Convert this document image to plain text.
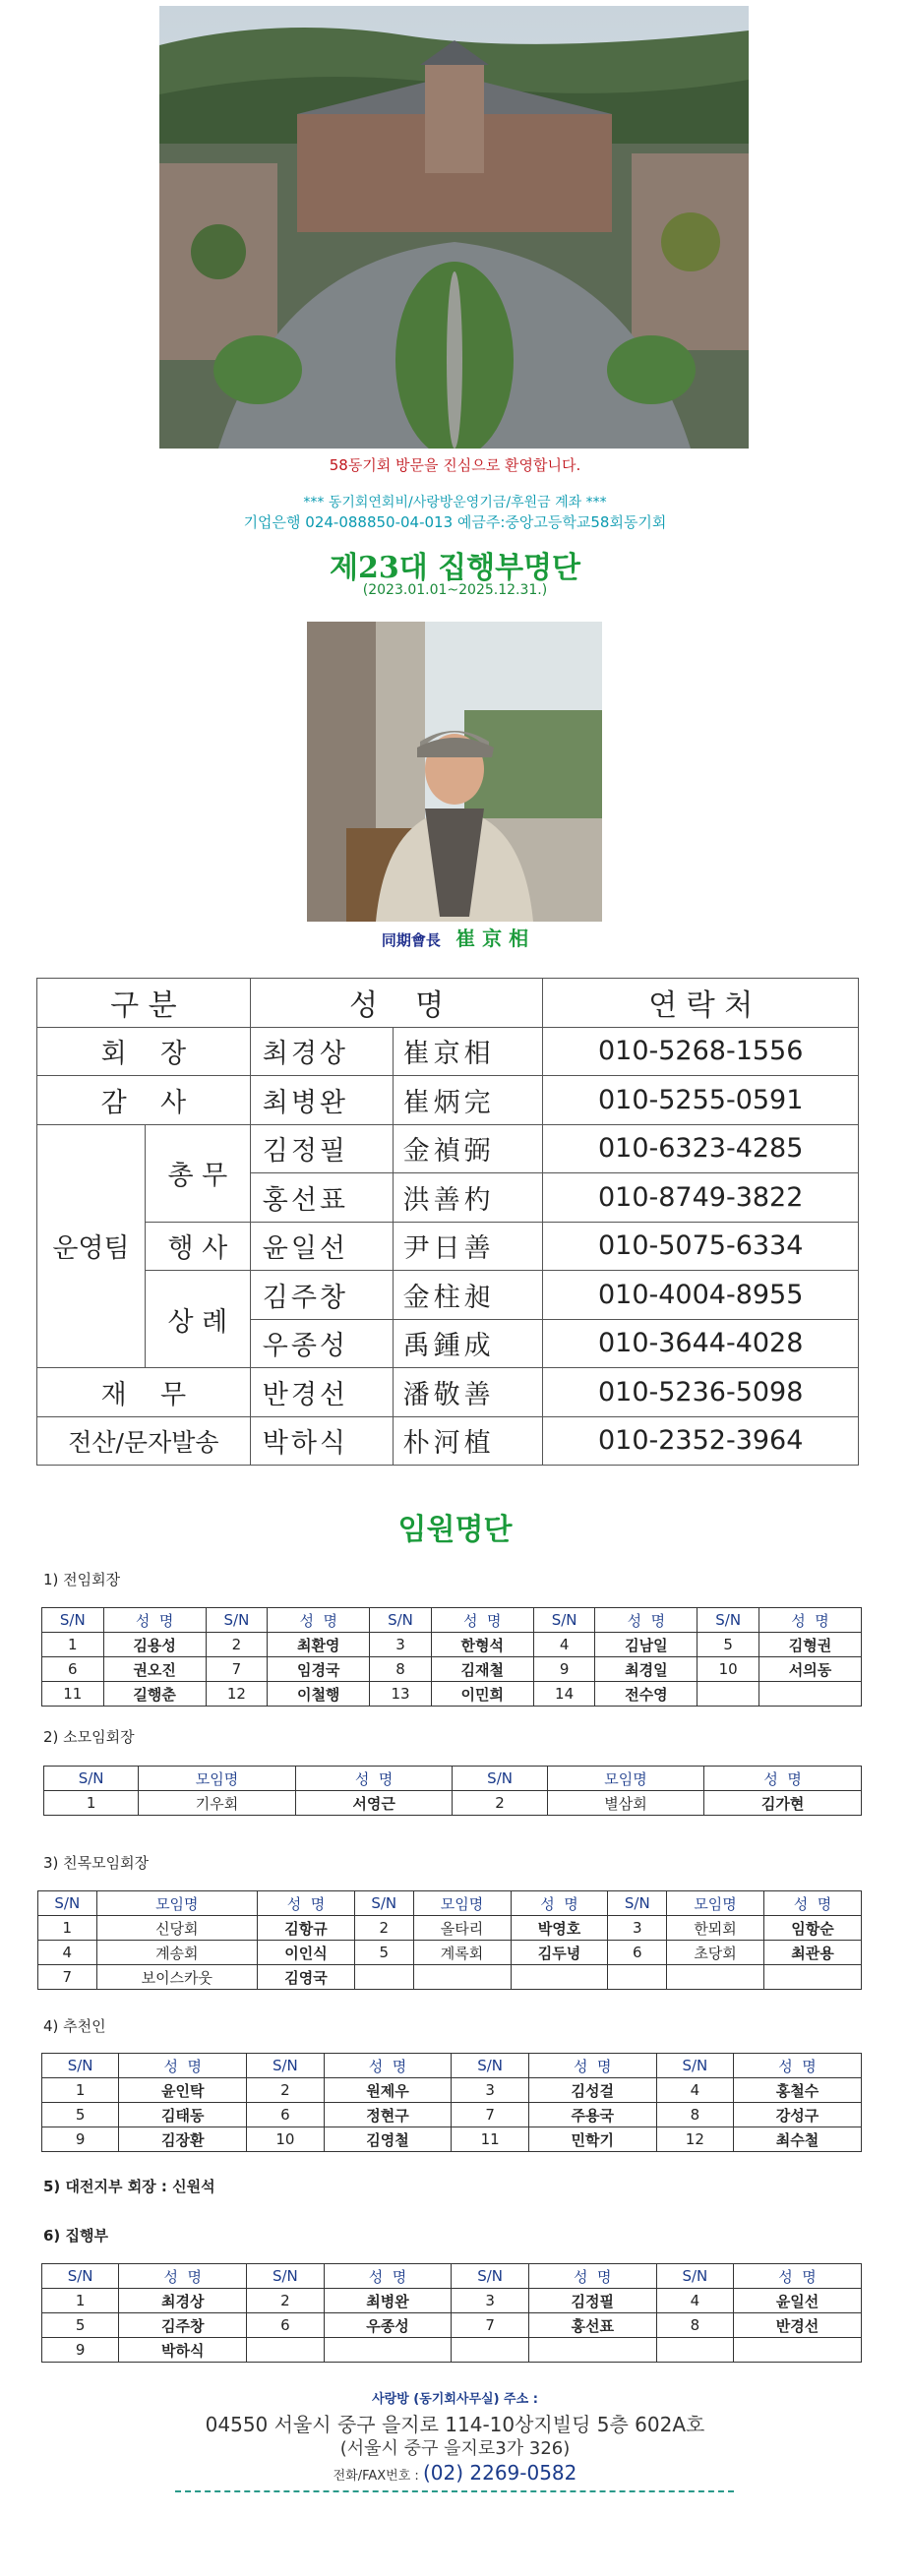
58동기회 방문을 진심으로 환영합니다.
*** 동기회연회비/사랑방운영기금/후원금 계좌 ***
기업은행 024-088850-04-013 예금주:중앙고등학교58회동기회
제23대 집행부명단
(2023.01.01~2025.12.31.)
同期會長 崔 京 相
구 분		성    명		연 락 처
회    장		최경상	崔京相	010-5268-1556
감    사		최병완	崔炳完	010-5255-0591
운영팀	총 무	김정필	金禎弼	010-6323-4285
		홍선표	洪善杓	010-8749-3822
	행 사	윤일선	尹日善	010-5075-6334
	상 례	김주창	金柱昶	010-4004-8955
		우종성	禹鍾成	010-3644-4028
재    무		반경선	潘敬善	010-5236-5098
전산/문자발송		박하식	朴河植	010-2352-3964
임원명단
1) 전임회장
S/N	성  명	S/N	성  명	S/N	성  명	S/N	성  명	S/N	성  명
1	김용성	2	최환영	3	한형석	4	김남일	5	김형권
6	권오진	7	임경국	8	김재철	9	최경일	10	서의동
11	길행춘	12	이철행	13	이민희	14	전수영		
2) 소모임회장
S/N	모임명	성  명	S/N	모임명	성  명
1	기우회	서영근	2	별삼회	김가현
3) 친목모임회장
S/N	모임명	성  명	S/N	모임명	성  명	S/N	모임명	성  명
1	신당회	김항규	2	올타리	박영호	3	한뫼회	임항순
4	계송회	이인식	5	계록회	김두녕	6	초당회	최관용
7	보이스카웃	김영국						
4) 추천인
S/N	성  명	S/N	성  명	S/N	성  명	S/N	성  명
1	윤인탁	2	원제우	3	김성걸	4	홍철수
5	김태동	6	정현구	7	주용국	8	강성구
9	김장환	10	김영철	11	민학기	12	최수철
5) 대전지부 회장 : 신원석
6) 집행부
S/N	성  명	S/N	성  명	S/N	성  명	S/N	성  명
1	최경상	2	최병완	3	김정필	4	윤일선
5	김주창	6	우종성	7	홍선표	8	반경선
9	박하식						
사랑방 (동기회사무실) 주소 :
04550 서울시 중구 을지로 114-10상지빌딩 5층 602A호
(서울시 중구 을지로3가 326)
전화/FAX번호 : (02) 2269-0582
